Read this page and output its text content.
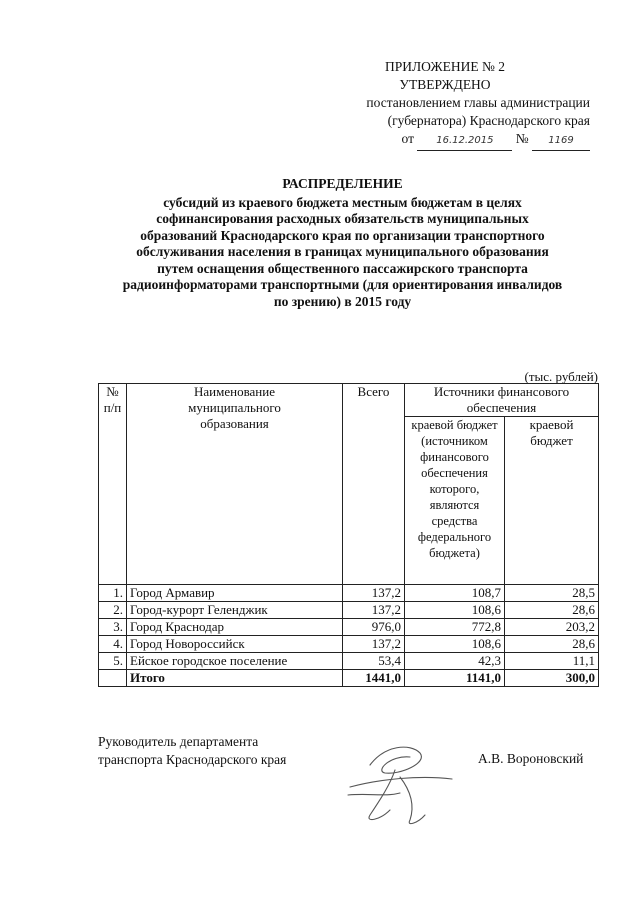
ПРИЛОЖЕНИЕ № 2
УТВЕРЖДЕНО
постановлением главы администрации
(губернатора) Краснодарского края
от 16.12.2015 № 1169
РАСПРЕДЕЛЕНИЕ
субсидий из краевого бюджета местным бюджетам в целях
софинансирования расходных обязательств муниципальных
образований Краснодарского края по организации транспортного
обслуживания населения в границах муниципального образования
путем оснащения общественного пассажирского транспорта
радиоинформаторами транспортными (для ориентирования инвалидов
по зрению) в 2015 году
(тыс. рублей)
№ п/п	Наименование муниципального образования	Всего	Источники финансового обеспечения	
			краевой бюджет (источником финансового обеспечения которого, являются средства федерального бюджета)	краевой бюджет
1.	Город Армавир	137,2	108,7	28,5
2.	Город-курорт Геленджик	137,2	108,6	28,6
3.	Город Краснодар	976,0	772,8	203,2
4.	Город Новороссийск	137,2	108,6	28,6
5.	Ейское городское поселение	53,4	42,3	11,1
	Итого	1441,0	1141,0	300,0
Руководитель департамента
транспорта Краснодарского края	А.В. Вороновский
